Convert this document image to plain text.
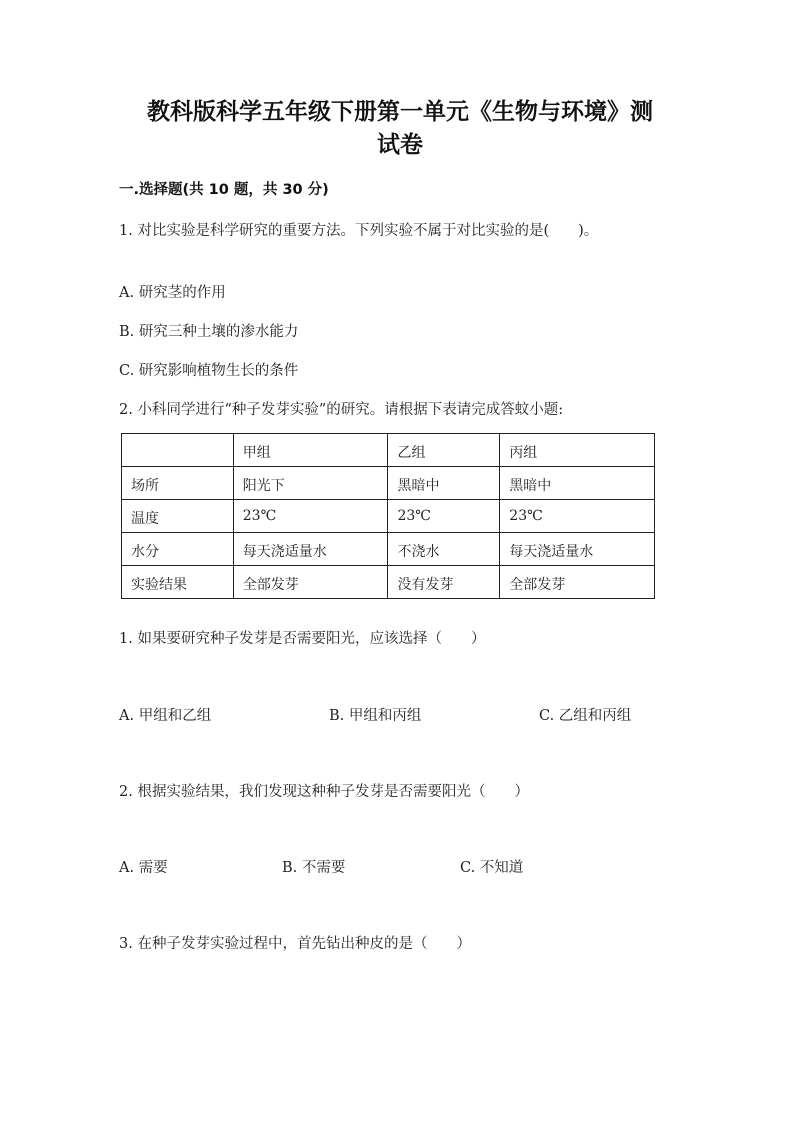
教科版科学五年级下册第一单元《生物与环境》测
试卷
一.选择题(共 10 题，共 30 分)
1. 对比实验是科学研究的重要方法。下列实验不属于对比实验的是(　　)。
A. 研究茎的作用
B. 研究三种土壤的渗水能力
C. 研究影响植物生长的条件
2. 小科同学进行“种子发芽实验”的研究。请根据下表请完成答蚊小题:
	甲组	乙组	丙组
场所	阳光下	黑暗中	黑暗中
温度	23℃	23℃	23℃
水分	每天浇适量水	不浇水	每天浇适量水
实验结果	全部发芽	没有发芽	全部发芽
1. 如果要研究种子发芽是否需要阳光，应该选择（　　）
A. 甲组和乙组	B. 甲组和丙组	C. 乙组和丙组
2. 根据实验结果，我们发现这种种子发芽是否需要阳光（　　）
A. 需要	B. 不需要	C. 不知道
3. 在种子发芽实验过程中，首先钻出种皮的是（　　）
